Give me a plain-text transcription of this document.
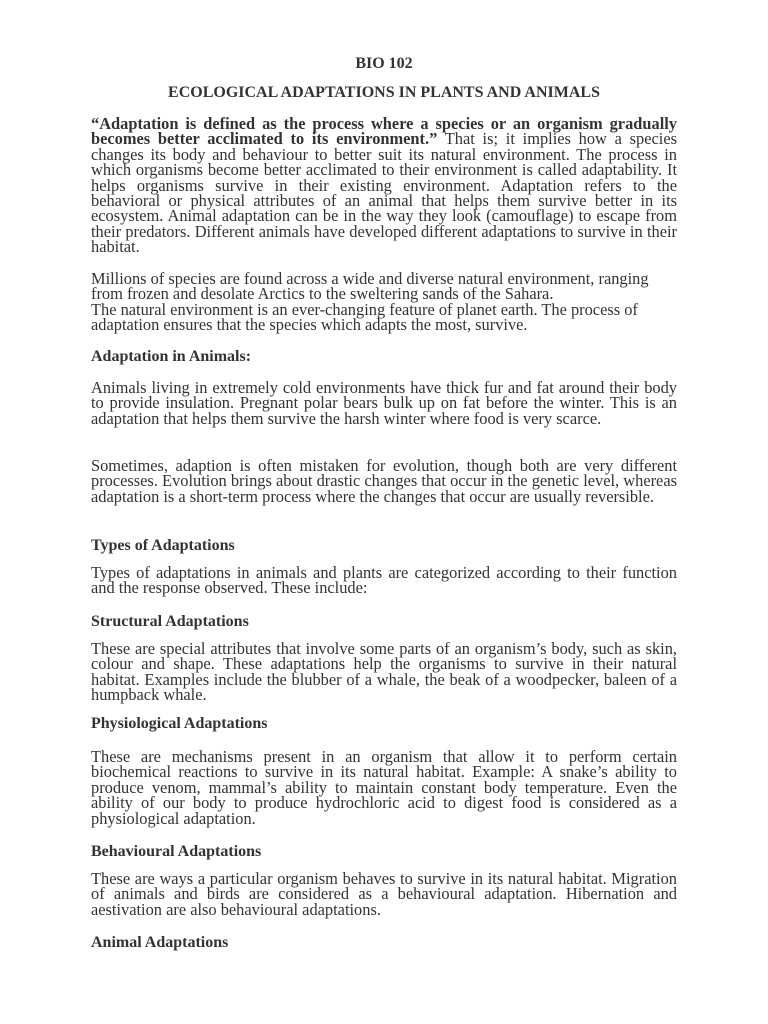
BIO 102
ECOLOGICAL ADAPTATIONS IN PLANTS AND ANIMALS

“Adaptation is defined as the process where a species or an organism gradually becomes better acclimated to its environment.” That is; it implies how a species changes its body and behaviour to better suit its natural environment. The process in which organisms become better acclimated to their environment is called adaptability. It helps organisms survive in their existing environment. Adaptation refers to the behavioral or physical attributes of an animal that helps them survive better in its ecosystem. Animal adaptation can be in the way they look (camouflage) to escape from their predators. Different animals have developed different adaptations to survive in their habitat.

Millions of species are found across a wide and diverse natural environment, ranging from frozen and desolate Arctics to the sweltering sands of the Sahara.
The natural environment is an ever-changing feature of planet earth. The process of adaptation ensures that the species which adapts the most, survive.

Adaptation in Animals:

Animals living in extremely cold environments have thick fur and fat around their body to provide insulation. Pregnant polar bears bulk up on fat before the winter. This is an adaptation that helps them survive the harsh winter where food is very scarce.

Sometimes, adaption is often mistaken for evolution, though both are very different processes. Evolution brings about drastic changes that occur in the genetic level, whereas adaptation is a short-term process where the changes that occur are usually reversible.

Types of Adaptations

Types of adaptations in animals and plants are categorized according to their function and the response observed. These include:

Structural Adaptations

These are special attributes that involve some parts of an organism’s body, such as skin, colour and shape. These adaptations help the organisms to survive in their natural habitat. Examples include the blubber of a whale, the beak of a woodpecker, baleen of a humpback whale.

Physiological Adaptations

These are mechanisms present in an organism that allow it to perform certain biochemical reactions to survive in its natural habitat. Example: A snake’s ability to produce venom, mammal’s ability to maintain constant body temperature. Even the ability of our body to produce hydrochloric acid to digest food is considered as a physiological adaptation.

Behavioural Adaptations

These are ways a particular organism behaves to survive in its natural habitat. Migration of animals and birds are considered as a behavioural adaptation. Hibernation and aestivation are also behavioural adaptations.

Animal Adaptations
